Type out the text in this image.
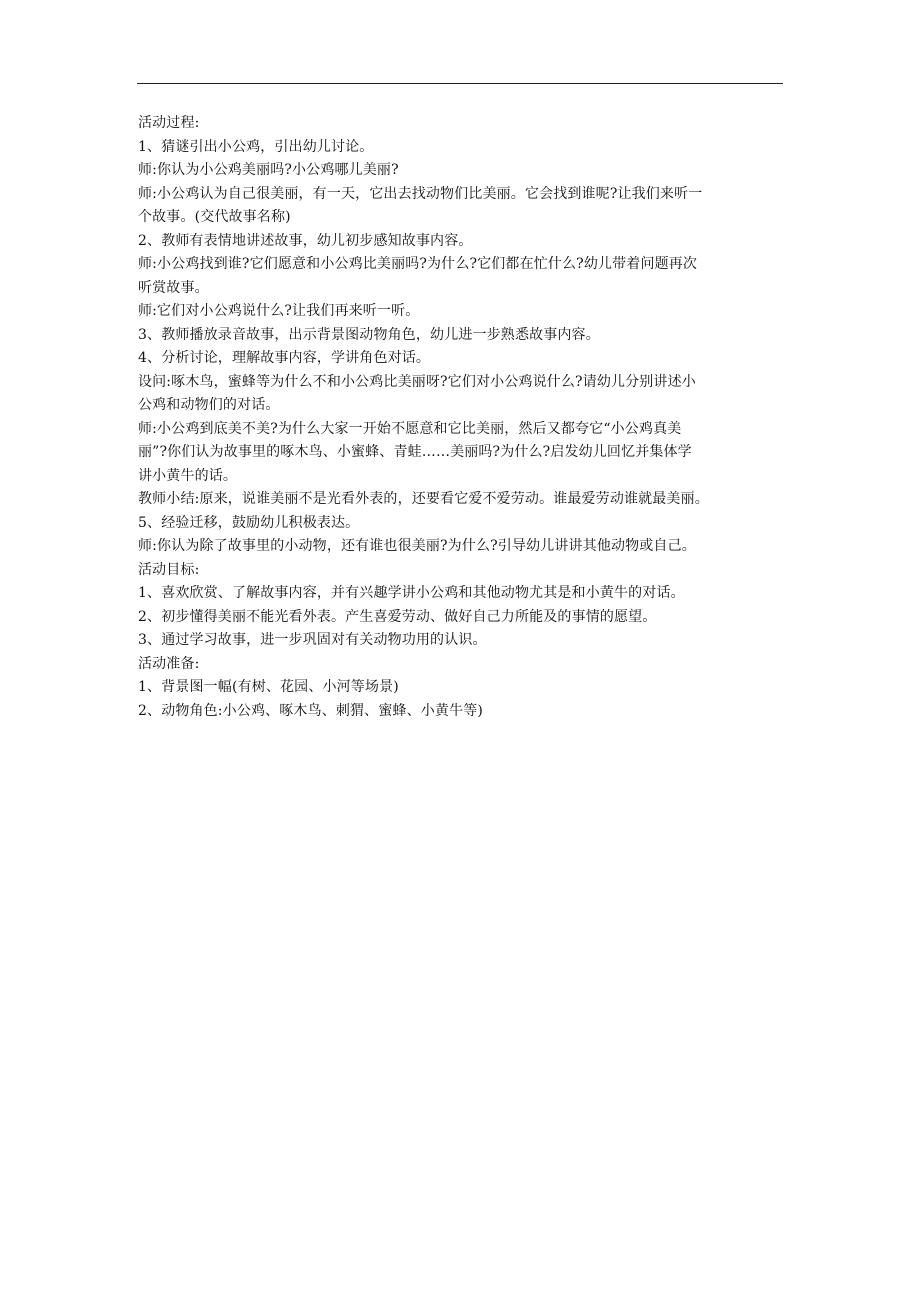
活动过程:
1、猜谜引出小公鸡，引出幼儿讨论。
师:你认为小公鸡美丽吗?小公鸡哪儿美丽?
师:小公鸡认为自己很美丽，有一天，它出去找动物们比美丽。它会找到谁呢?让我们来听一
个故事。(交代故事名称)
2、教师有表情地讲述故事，幼儿初步感知故事内容。
师:小公鸡找到谁?它们愿意和小公鸡比美丽吗?为什么?它们都在忙什么?幼儿带着问题再次
听赏故事。
师:它们对小公鸡说什么?让我们再来听一听。
3、教师播放录音故事，出示背景图动物角色，幼儿进一步熟悉故事内容。
4、分析讨论，理解故事内容，学讲角色对话。
设问:啄木鸟，蜜蜂等为什么不和小公鸡比美丽呀?它们对小公鸡说什么?请幼儿分别讲述小
公鸡和动物们的对话。
师:小公鸡到底美不美?为什么大家一开始不愿意和它比美丽，然后又都夸它“小公鸡真美
丽”?你们认为故事里的啄木鸟、小蜜蜂、青蛙……美丽吗?为什么?启发幼儿回忆并集体学
讲小黄牛的话。
教师小结:原来，说谁美丽不是光看外表的，还要看它爱不爱劳动。谁最爱劳动谁就最美丽。
5、经验迁移，鼓励幼儿积极表达。
师:你认为除了故事里的小动物，还有谁也很美丽?为什么?引导幼儿讲讲其他动物或自己。
活动目标:
1、喜欢欣赏、了解故事内容，并有兴趣学讲小公鸡和其他动物尤其是和小黄牛的对话。
2、初步懂得美丽不能光看外表。产生喜爱劳动、做好自己力所能及的事情的愿望。
3、通过学习故事，进一步巩固对有关动物功用的认识。
活动准备:
1、背景图一幅(有树、花园、小河等场景)
2、动物角色:小公鸡、啄木鸟、刺猬、蜜蜂、小黄牛等)
